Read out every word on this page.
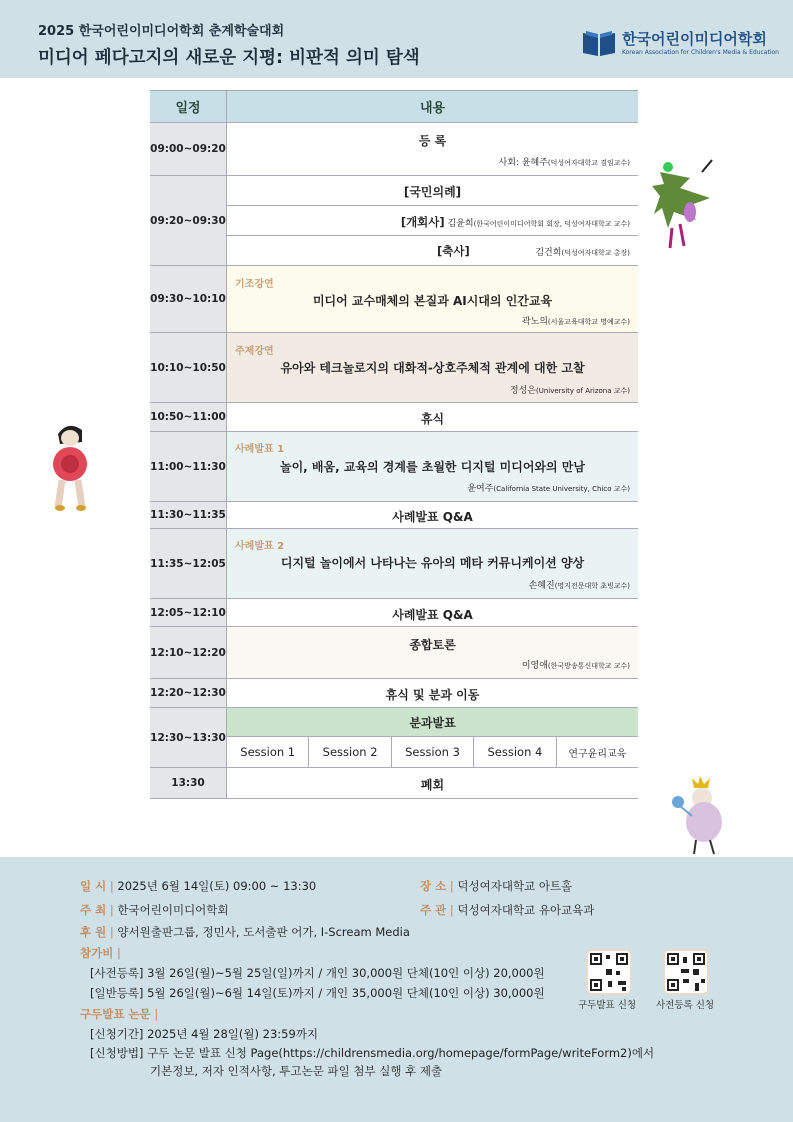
2025 한국어린이미디어학회 춘계학술대회
미디어 페다고지의 새로운 지평: 비판적 의미 탐색
한국어린이미디어학회
Korean Association for Children's Media & Education
일정	내용
09:00~09:20
등 록
사회: 윤혜주(덕성여자대학교 겸임교수)
09:20~09:30
[국민의례]
[개회사] 김윤희(한국어린이미디어학회 회장, 덕성여자대학교 교수)
[축사]	김건희(덕성여자대학교 총장)
09:30~10:10
기조강연
미디어 교수매체의 본질과 AI시대의 인간교육
곽노의(서울교육대학교 명예교수)
10:10~10:50
주제강연
유아와 테크놀로지의 대화적-상호주체적 관계에 대한 고찰
정성은(University of Arizona 교수)
10:50~11:00	휴식
11:00~11:30
사례발표 1
놀이, 배움, 교육의 경계를 초월한 디지털 미디어와의 만남
윤여주(California State University, Chico 교수)
11:30~11:35	사례발표 Q&A
11:35~12:05
사례발표 2
디지털 놀이에서 나타나는 유아의 메타 커뮤니케이션 양상
손혜진(명지전문대학 초빙교수)
12:05~12:10	사례발표 Q&A
12:10~12:20
종합토론
이영애(한국방송통신대학교 교수)
12:20~12:30	휴식 및 분과 이동
12:30~13:30
분과발표
Session 1	Session 2	Session 3	Session 4	연구윤리교육
13:30	폐회
일 시 | 2025년 6월 14일(토) 09:00 ~ 13:30	장 소 | 덕성여자대학교 아트홀
주 최 | 한국어린이미디어학회	주 관 | 덕성여자대학교 유아교육과
후 원 | 양서원출판그룹, 정민사, 도서출판 어가, I-Scream Media
참가비 |
[사전등록] 3월 26일(월)~5월 25일(일)까지 / 개인 30,000원 단체(10인 이상) 20,000원
[일반등록] 5월 26일(월)~6월 14일(토)까지 / 개인 35,000원 단체(10인 이상) 30,000원
구두발표 논문 |
[신청기간] 2025년 4월 28일(월) 23:59까지
[신청방법] 구두 논문 발표 신청 Page(https://childrensmedia.org/homepage/formPage/writeForm2)에서
기본정보, 저자 인적사항, 투고논문 파일 첨부 실행 후 제출
구두발표 신청 사전등록 신청
